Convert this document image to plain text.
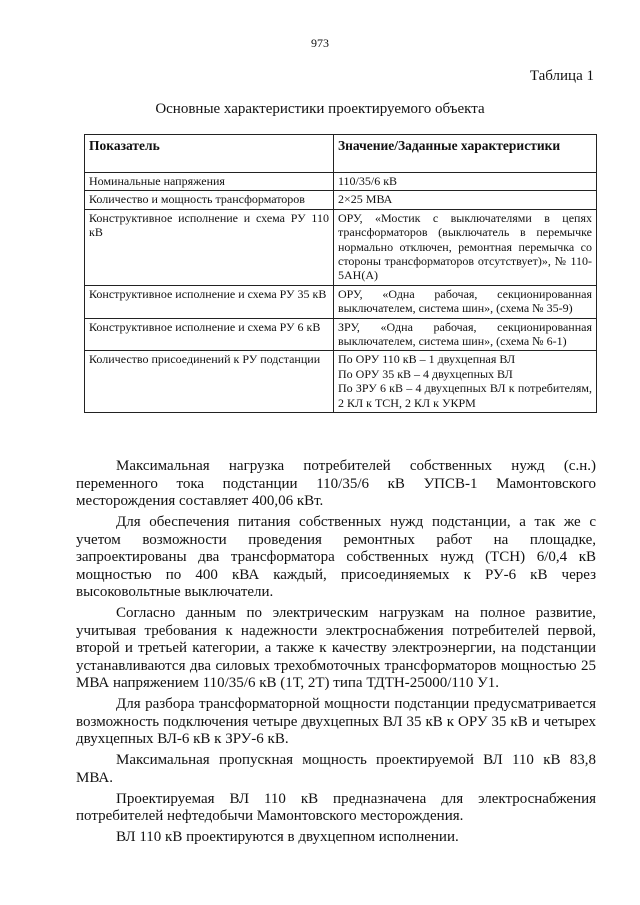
973
Таблица 1
Основные характеристики проектируемого объекта
Показатель	Значение/Заданные характеристики
Номинальные напряжения	110/35/6 кВ
Количество и мощность трансформаторов	2×25 МВА
Конструктивное исполнение и схема РУ 110 кВ	ОРУ, «Мостик с выключателями в цепях трансформаторов (выключатель в перемычке нормально отключен, ремонтная перемычка со стороны трансформаторов отсутствует)», № 110-5АН(А)
Конструктивное исполнение и схема РУ 35 кВ	ОРУ, «Одна рабочая, секционированная выключателем, система шин», (схема № 35-9)
Конструктивное исполнение и схема РУ 6 кВ	ЗРУ, «Одна рабочая, секционированная выключателем, система шин», (схема № 6-1)
Количество присоединений к РУ подстанции	По ОРУ 110 кВ – 1 двухцепная ВЛ
По ОРУ 35 кВ – 4 двухцепных ВЛ
По ЗРУ 6 кВ – 4 двухцепных ВЛ к потребителям, 2 КЛ к ТСН, 2 КЛ к УКРМ

Максимальная нагрузка потребителей собственных нужд (с.н.) переменного тока подстанции 110/35/6 кВ УПСВ-1 Мамонтовского месторождения составляет 400,06 кВт.

Для обеспечения питания собственных нужд подстанции, а так же с учетом возможности проведения ремонтных работ на площадке, запроектированы два трансформатора собственных нужд (ТСН) 6/0,4 кВ мощностью по 400 кВА каждый, присоединяемых к РУ-6 кВ через высоковольтные выключатели.

Согласно данным по электрическим нагрузкам на полное развитие, учитывая требования к надежности электроснабжения потребителей первой, второй и третьей категории, а также к качеству электроэнергии, на подстанции устанавливаются два силовых трехобмоточных трансформаторов мощностью 25 МВА напряжением 110/35/6 кВ (1Т, 2Т) типа ТДТН-25000/110 У1.

Для разбора трансформаторной мощности подстанции предусматривается возможность подключения четыре двухцепных ВЛ 35 кВ к ОРУ 35 кВ и четырех двухцепных ВЛ-6 кВ к ЗРУ-6 кВ.

Максимальная пропускная мощность проектируемой ВЛ 110 кВ 83,8 МВА.

Проектируемая ВЛ 110 кВ предназначена для электроснабжения потребителей нефтедобычи Мамонтовского месторождения.

ВЛ 110 кВ проектируются в двухцепном исполнении.
